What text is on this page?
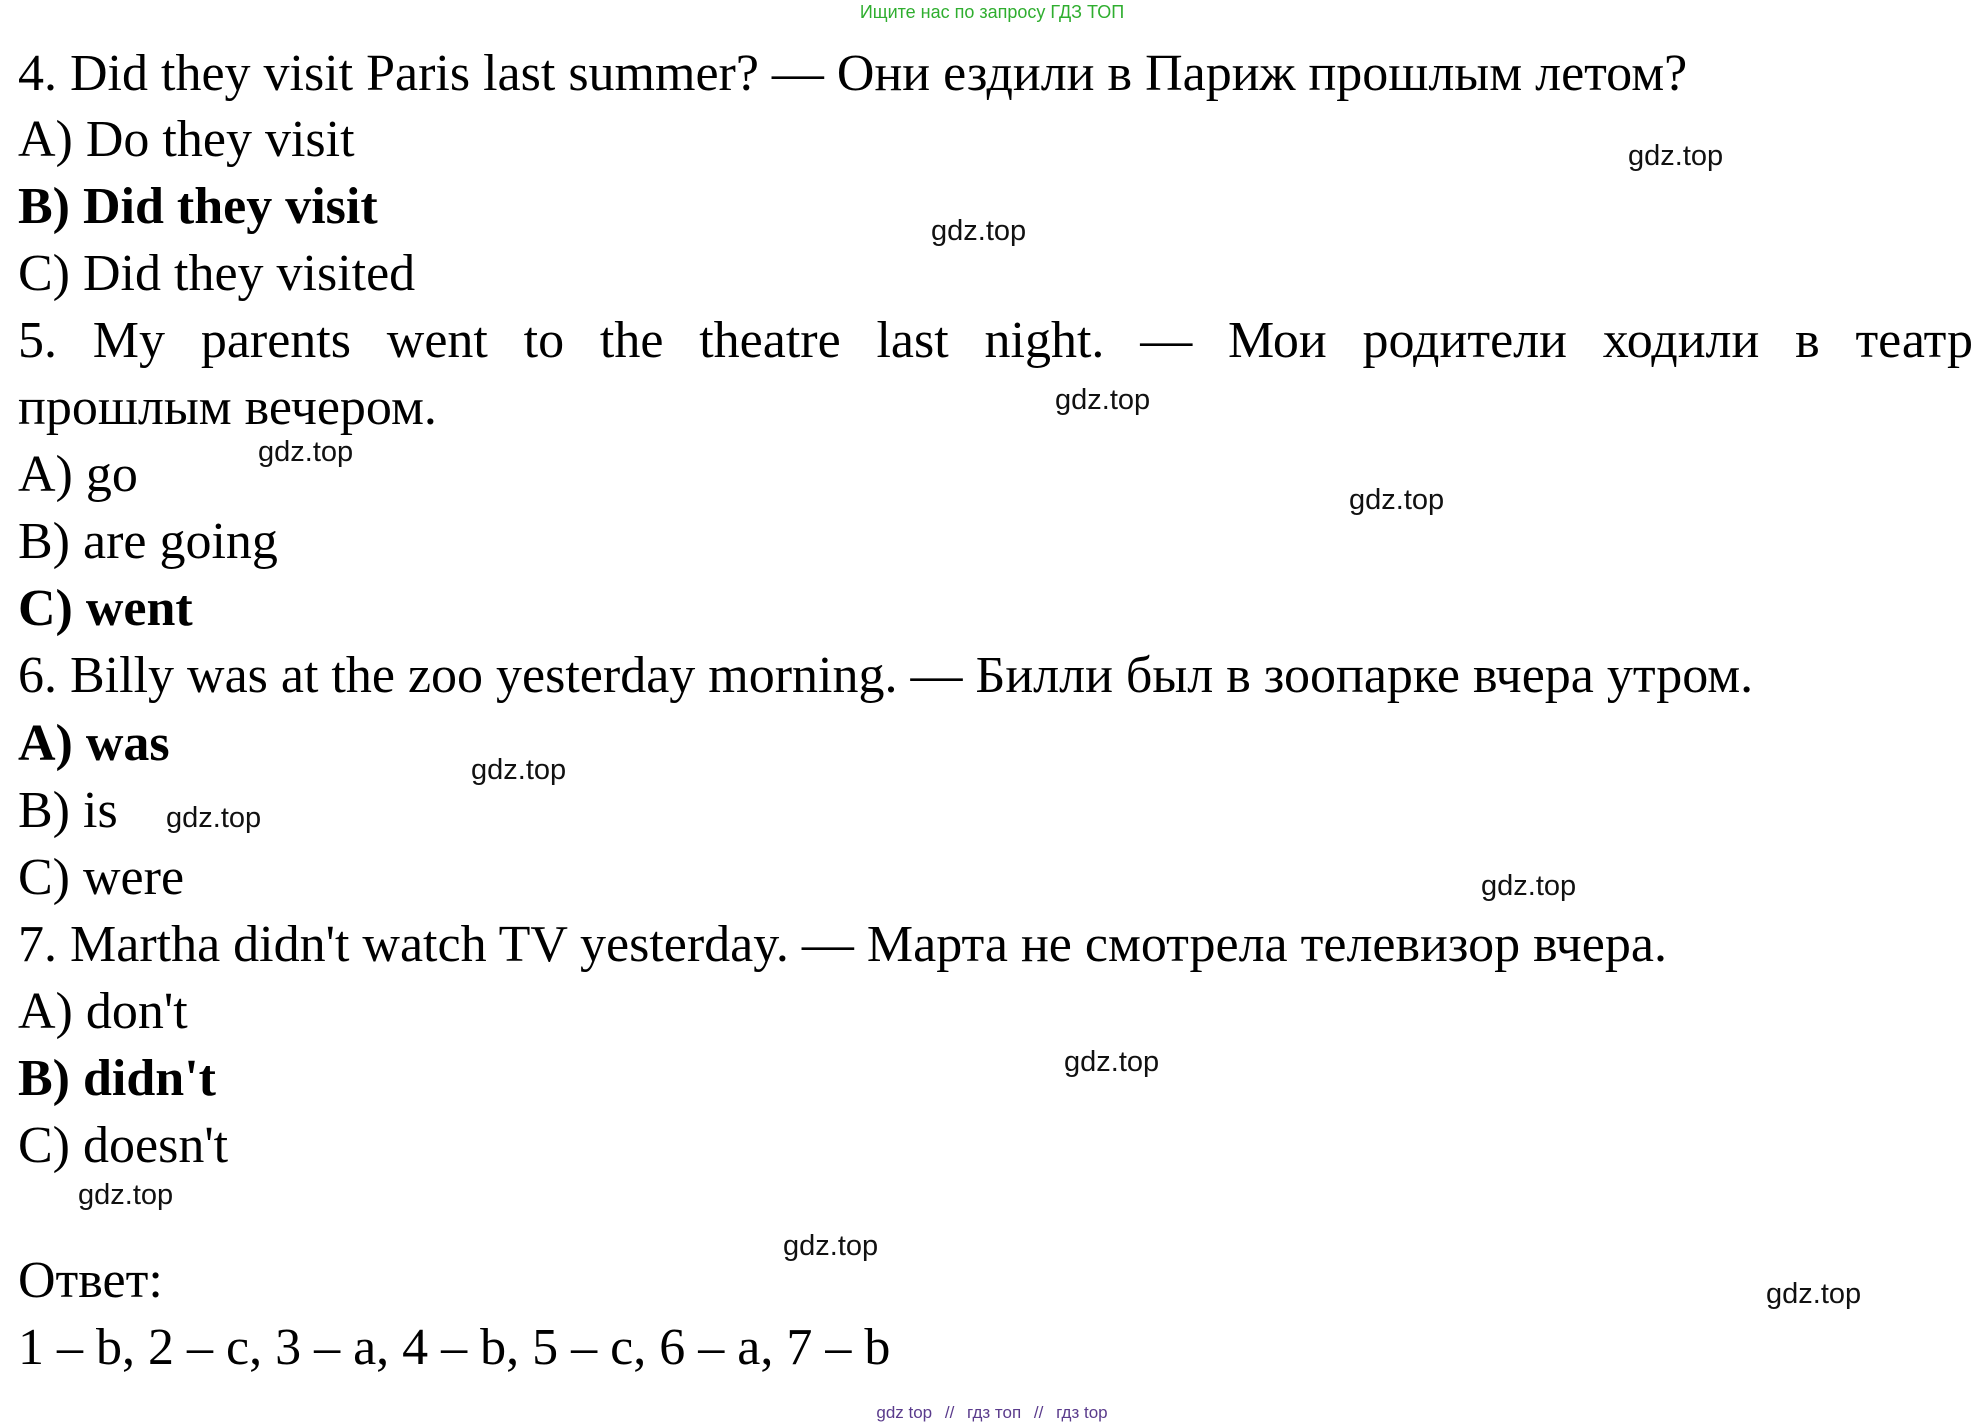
Ищите нас по запросу ГДЗ ТОП

4. Did they visit Paris last summer? — Они ездили в Париж прошлым летом?

A) Do they visit

B) Did they visit

C) Did they visited

5. My parents went to the theatre last night. — Мои родители ходили в театр

прошлым вечером.

A) go

B) are going

C) went

6. Billy was at the zoo yesterday morning. — Билли был в зоопарке вчера утром.

A) was

B) is

C) were

7. Martha didn't watch TV yesterday. — Марта не смотрела телевизор вчера.

A) don't

B) didn't

C) doesn't

Ответ:

1 – b, 2 – c, 3 – a, 4 – b, 5 – c, 6 – a, 7 – b

gdz.top
gdz.top
gdz.top
gdz.top
gdz.top
gdz.top
gdz.top
gdz.top
gdz.top
gdz.top
gdz.top
gdz.top
gdz top // гдз топ // гдз top
